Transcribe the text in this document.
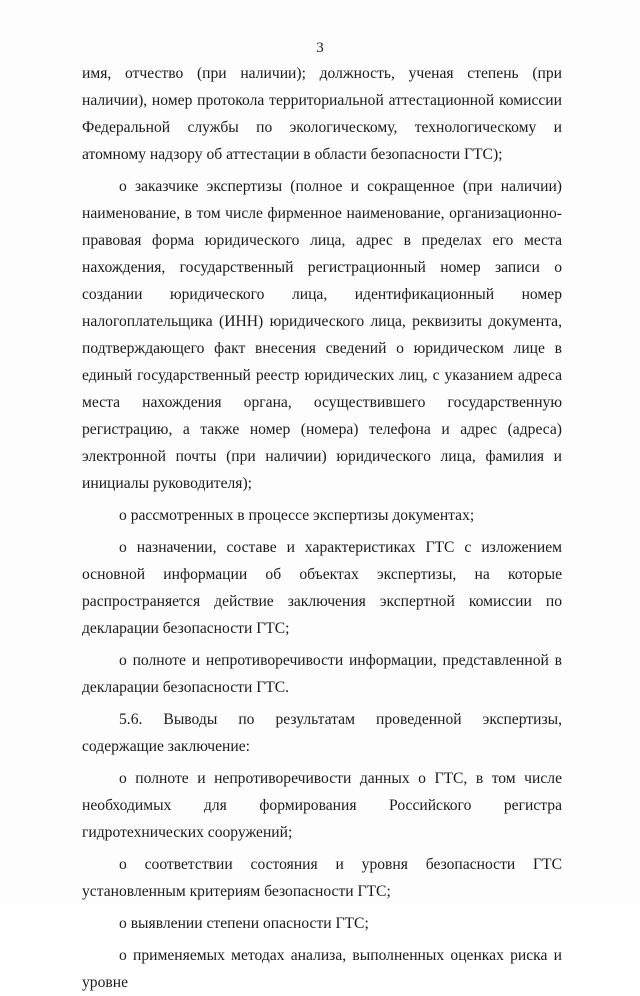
3

имя, отчество (при наличии); должность, ученая степень (при наличии), номер протокола территориальной аттестационной комиссии Федеральной службы по экологическому, технологическому и атомному надзору об аттестации в области безопасности ГТС);

о заказчике экспертизы (полное и сокращенное (при наличии) наименование, в том числе фирменное наименование, организационно-правовая форма юридического лица, адрес в пределах его места нахождения, государственный регистрационный номер записи о создании юридического лица, идентификационный номер налогоплательщика (ИНН) юридического лица, реквизиты документа, подтверждающего факт внесения сведений о юридическом лице в единый государственный реестр юридических лиц, с указанием адреса места нахождения органа, осуществившего государственную регистрацию, а также номер (номера) телефона и адрес (адреса) электронной почты (при наличии) юридического лица, фамилия и инициалы руководителя);

о рассмотренных в процессе экспертизы документах;

о назначении, составе и характеристиках ГТС с изложением основной информации об объектах экспертизы, на которые распространяется действие заключения экспертной комиссии по декларации безопасности ГТС;

о полноте и непротиворечивости информации, представленной в декларации безопасности ГТС.

5.6. Выводы по результатам проведенной экспертизы, содержащие заключение:

о полноте и непротиворечивости данных о ГТС, в том числе необходимых для формирования Российского регистра гидротехнических сооружений;

о соответствии состояния и уровня безопасности ГТС установленным критериям безопасности ГТС;

о выявлении степени опасности ГТС;

о применяемых методах анализа, выполненных оценках риска и уровне
